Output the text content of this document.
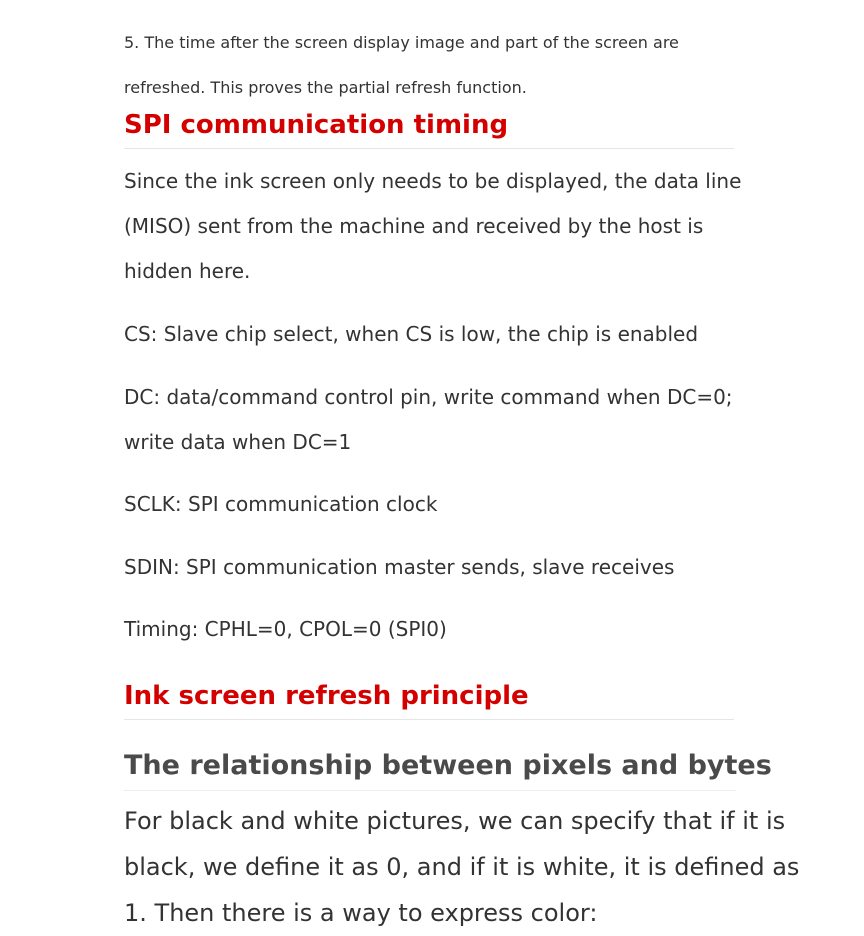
5. The time after the screen display image and part of the screen are
refreshed. This proves the partial refresh function.
SPI communication timing
Since the ink screen only needs to be displayed, the data line
(MISO) sent from the machine and received by the host is
hidden here.
CS: Slave chip select, when CS is low, the chip is enabled
DC: data/command control pin, write command when DC=0;
write data when DC=1
SCLK: SPI communication clock
SDIN: SPI communication master sends, slave receives
Timing: CPHL=0, CPOL=0 (SPI0)
Ink screen refresh principle
The relationship between pixels and bytes
For black and white pictures, we can specify that if it is
black, we define it as 0, and if it is white, it is defined as
1. Then there is a way to express color:
